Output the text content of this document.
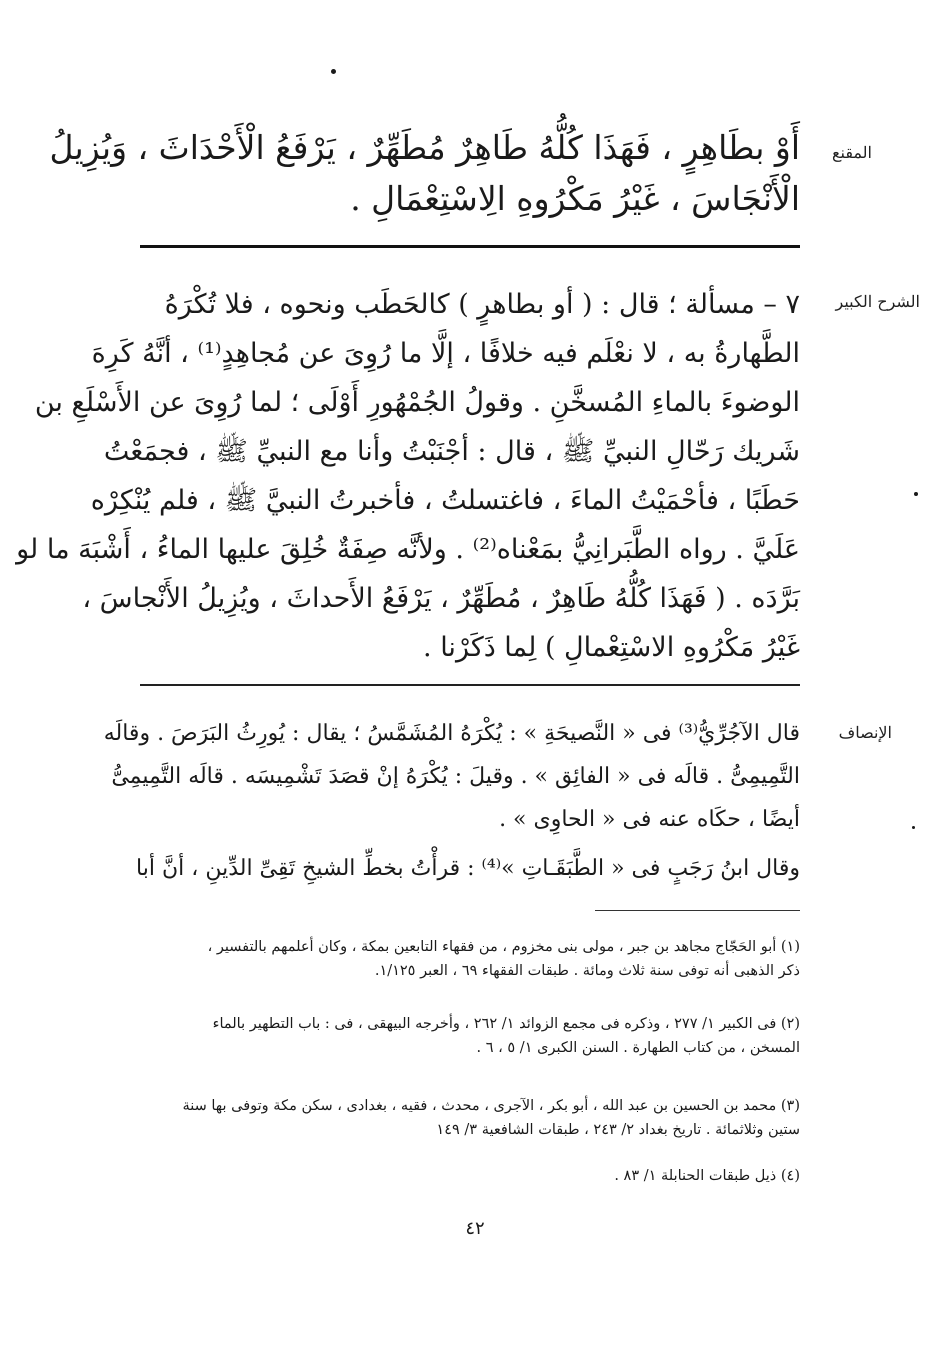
المقنع
أَوْ بطَاهِرٍ ، فَهَذَا كُلُّهُ طَاهِرٌ مُطَهِّرٌ ، يَرْفَعُ الْأَحْدَاثَ ، وَيُزِيلُ
الْأَنْجَاسَ ، غَيْرُ مَكْرُوهِ الِاسْتِعْمَالِ .
الشرح الكبير
٧ – مسألة ؛ قال : ( أو بطاهرٍ ) كالحَطَب ونحوه ، فلا تُكْرَهُ
الطَّهارةُ به ، لا نعْلَم فيه خلافًا ، إلَّا ما رُوِىَ عن مُجاهِدٍ⁽¹⁾ ، أنَّهُ كَرِهَ
الوضوءَ بالماءِ المُسخَّنِ . وقولُ الجُمْهُورِ أَوْلَى ؛ لما رُوِىَ عن الأَسْلَعِ بن
شَريك رَحّالِ النبيِّ ﷺ ، قال : أجْنَبْتُ وأنا مع النبيِّ ﷺ ، فجمَعْتُ
حَطَبًا ، فأحْمَيْتُ الماءَ ، فاغتسلتُ ، فأخبرتُ النبيَّ ﷺ ، فلم يُنْكِرْه
عَلَيَّ . رواه الطَّبَرانِيُّ بمَعْناه⁽²⁾ . ولأنَّه صِفَةٌ خُلِقَ عليها الماءُ ، أَشْبَهَ ما لو
بَرَّدَه . ( فَهَذَا كُلُّهُ طَاهِرٌ ، مُطَهِّرٌ ، يَرْفَعُ الأَحداثَ ، ويُزِيلُ الأَنْجاسَ ،
غَيْرُ مَكْرُوهِ الاسْتِعْمالِ ) لِما ذَكَرْنا .
الإنصاف
قال الآجُرِّيُّ⁽³⁾ فى « النَّصيحَةِ » : يُكْرَهُ المُشَمَّسُ ؛ يقال : يُورِثُ البَرَصَ . وقالَه
التَّمِيمِىُّ . قالَه فى « الفائِق » . وقيلَ : يُكْرَهُ إنْ قصَدَ تَشْمِيسَه . قالَه التَّمِيمِىُّ
أيضًا ، حكَاه عنه فى « الحاوِى » .
وقال ابنُ رَجَبٍ فى « الطَّبَقَـاتِ »⁽⁴⁾ : قرأْتُ بخطِّ الشيخِ تَقِىِّ الدِّينِ ، أنَّ أبا
(١) أبو الحَجّاج مجاهد بن جبر ، مولى بنى مخزوم ، من فقهاء التابعين بمكة ، وكان أعلمهم بالتفسير ،
ذكر الذهبى أنه توفى سنة ثلاث ومائة . طبقات الفقهاء ٦٩ ، العبر ١/١٢٥.
(٢) فى الكبير ١/ ٢٧٧ ، وذكره فى مجمع الزوائد ١/ ٢٦٢ ، وأخرجه البيهقى ، فى : باب التطهير بالماء
المسخن ، من كتاب الطهارة . السنن الكبرى ١/ ٥ ، ٦ .
(٣) محمد بن الحسين بن عبد الله ، أبو بكر ، الآجرى ، محدث ، فقيه ، بغدادى ، سكن مكة وتوفى بها سنة
ستين وثلاثمائة . تاريخ بغداد ٢/ ٢٤٣ ، طبقات الشافعية ٣/ ١٤٩
(٤) ذيل طبقات الحنابلة ١/ ٨٣ .
٤٢
